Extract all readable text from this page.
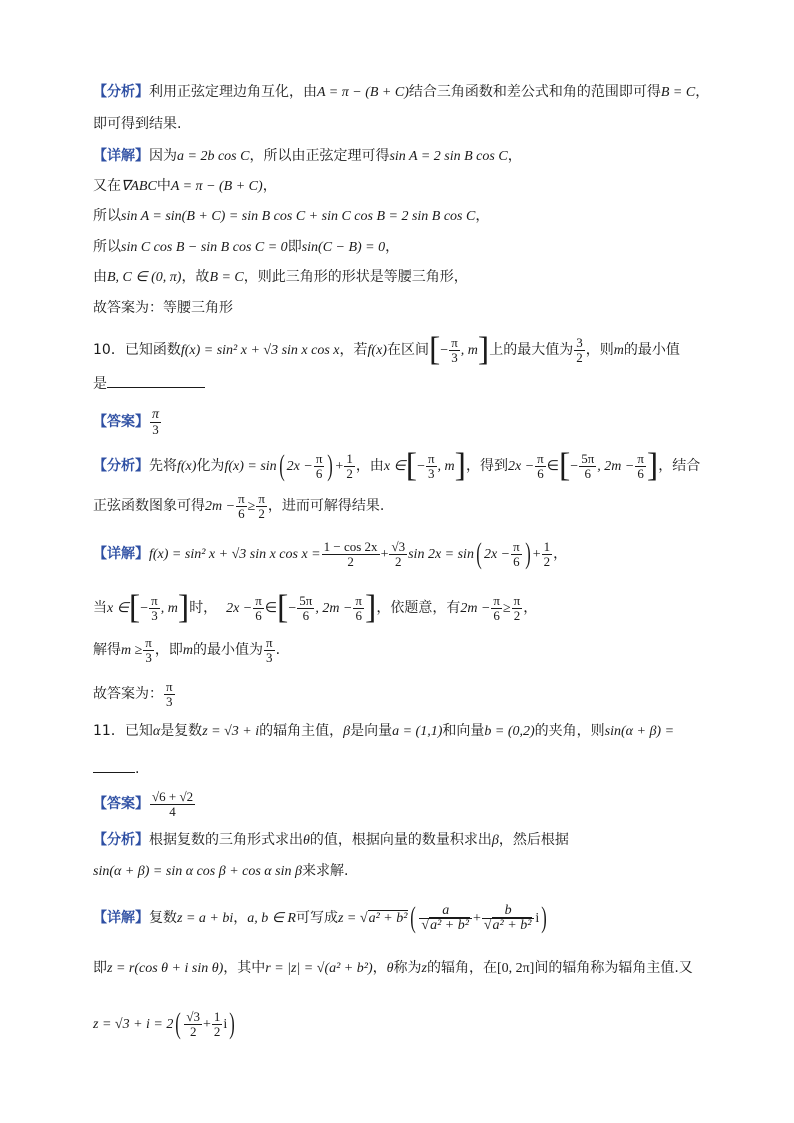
【分析】利用正弦定理边角互化，由A = π − (B + C)结合三角函数和差公式和角的范围即可得B = C，
即可得到结果.
【详解】因为a = 2b cos C，所以由正弦定理可得sin A = 2 sin B cos C，
又在∇ABC中A = π − (B + C)，
所以sin A = sin(B + C) = sin B cos C + sin C cos B = 2 sin B cos C，
所以sin C cos B − sin B cos C = 0即sin(C − B) = 0，
由B, C ∈ (0, π)，故B = C，则此三角形的形状是等腰三角形，
故答案为：等腰三角形
10．已知函数f(x) = sin² x + √3 sin x cos x，若f(x)在区间[− $\frac{\pi}{3}$ , m]上的最大值为 $\frac{3}{2}$ ，则m的最小值
是
【答案】 $\frac{\pi}{3}$
【分析】先将f(x)化为f(x) = sin( $2x - \frac{\pi}{6}$ ) + $\frac{1}{2}$ ，由x ∈[− $\frac{\pi}{3}$ , m]，得到$2x - \frac{\pi}{6}$ ∈[− $\frac{5\pi}{6}$ , $2m - \frac{\pi}{6}$ ]，结合
正弦函数图象可得$2m - \frac{\pi}{6} \ge \frac{\pi}{2}$ ，进而可解得结果.
【详解】f(x) = sin² x + √3 sin x $\cos x = \frac{1 - \cos 2x}{2} + \frac{√3}{2}$ sin 2x = sin( $2x - \frac{\pi}{6}$ ) + $\frac{1}{2}$ ，
当x ∈[− $\frac{\pi}{3}$ , m]时， $2x - \frac{\pi}{6}$ ∈[− $\frac{5\pi}{6}$ , $2m - \frac{\pi}{6}$ ]，依题意，有$2m - \frac{\pi}{6} \ge \frac{\pi}{2}$ ，
解得$m \ge \frac{\pi}{3}$ ，即m的最小值为 $\frac{\pi}{3}$ .
故答案为： $\frac{\pi}{3}$
11．已知α是复数z = √3 + i的辐角主值，β是向量a = (1,1)和向量b = (0,2)的夹角，则sin(α + β) =
.
【答案】 $\frac{√6 + √2}{4}$
【分析】根据复数的三角形式求出θ的值，根据向量的数量积求出β，然后根据
sin(α + β) = sin α cos β + cos α sin β来求解.
【详解】复数z = a + bi，a, b ∈ R可写成z = √a² + b² ( $\frac{a}{\text{√a² + b²}} + \frac{b}{\text{√a² + b²}} i$)
即z = r(cos θ + i sin θ)，其中r = |z| = √(a² + b²)，θ称为z的辐角，在[0, 2π]间的辐角称为辐角主值.又
$z = √3 + i = 2( \frac{√3}{2} + \frac{1}{2} i)$
